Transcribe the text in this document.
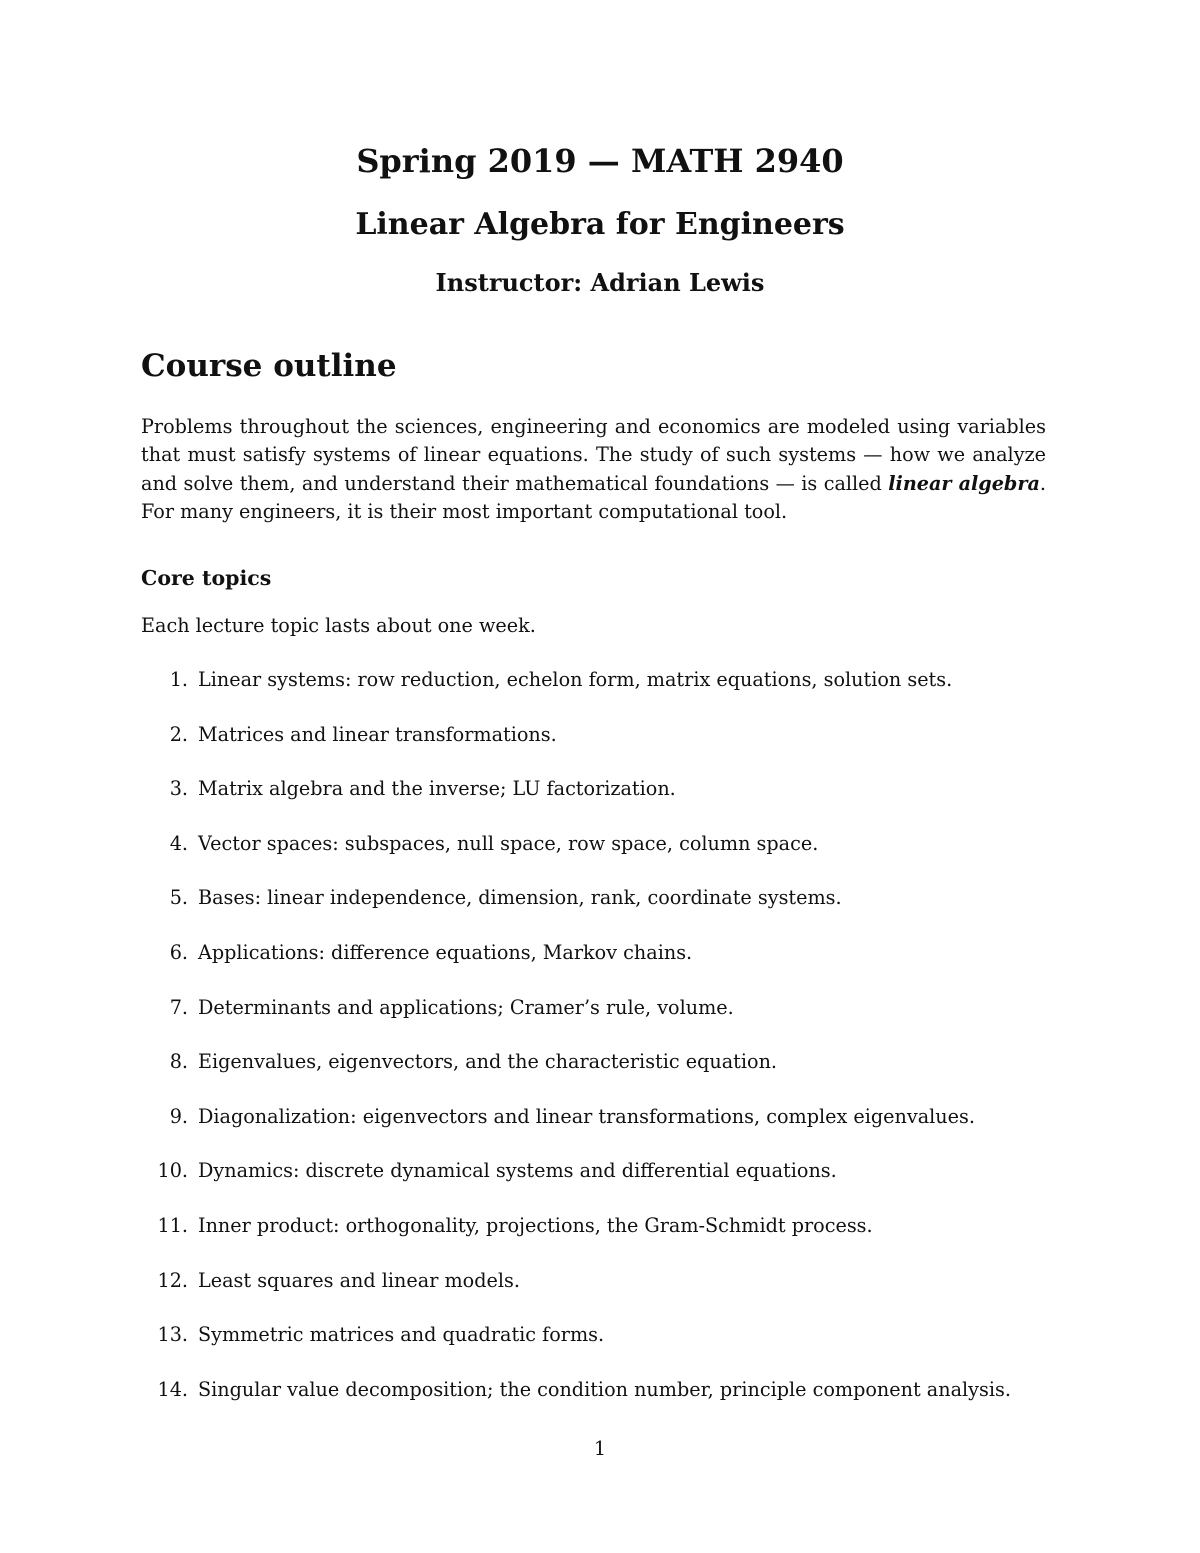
Spring 2019 — MATH 2940
Linear Algebra for Engineers
Instructor: Adrian Lewis
Course outline

Problems throughout the sciences, engineering and economics are modeled using variables that must satisfy systems of linear equations. The study of such systems — how we analyze and solve them, and understand their mathematical foundations — is called linear algebra. For many engineers, it is their most important computational tool.

Core topics
Each lecture topic lasts about one week.
1. Linear systems: row reduction, echelon form, matrix equations, solution sets.
2. Matrices and linear transformations.
3. Matrix algebra and the inverse; LU factorization.
4. Vector spaces: subspaces, null space, row space, column space.
5. Bases: linear independence, dimension, rank, coordinate systems.
6. Applications: difference equations, Markov chains.
7. Determinants and applications; Cramer’s rule, volume.
8. Eigenvalues, eigenvectors, and the characteristic equation.
9. Diagonalization: eigenvectors and linear transformations, complex eigenvalues.
10. Dynamics: discrete dynamical systems and differential equations.
11. Inner product: orthogonality, projections, the Gram-Schmidt process.
12. Least squares and linear models.
13. Symmetric matrices and quadratic forms.
14. Singular value decomposition; the condition number, principle component analysis.
1
